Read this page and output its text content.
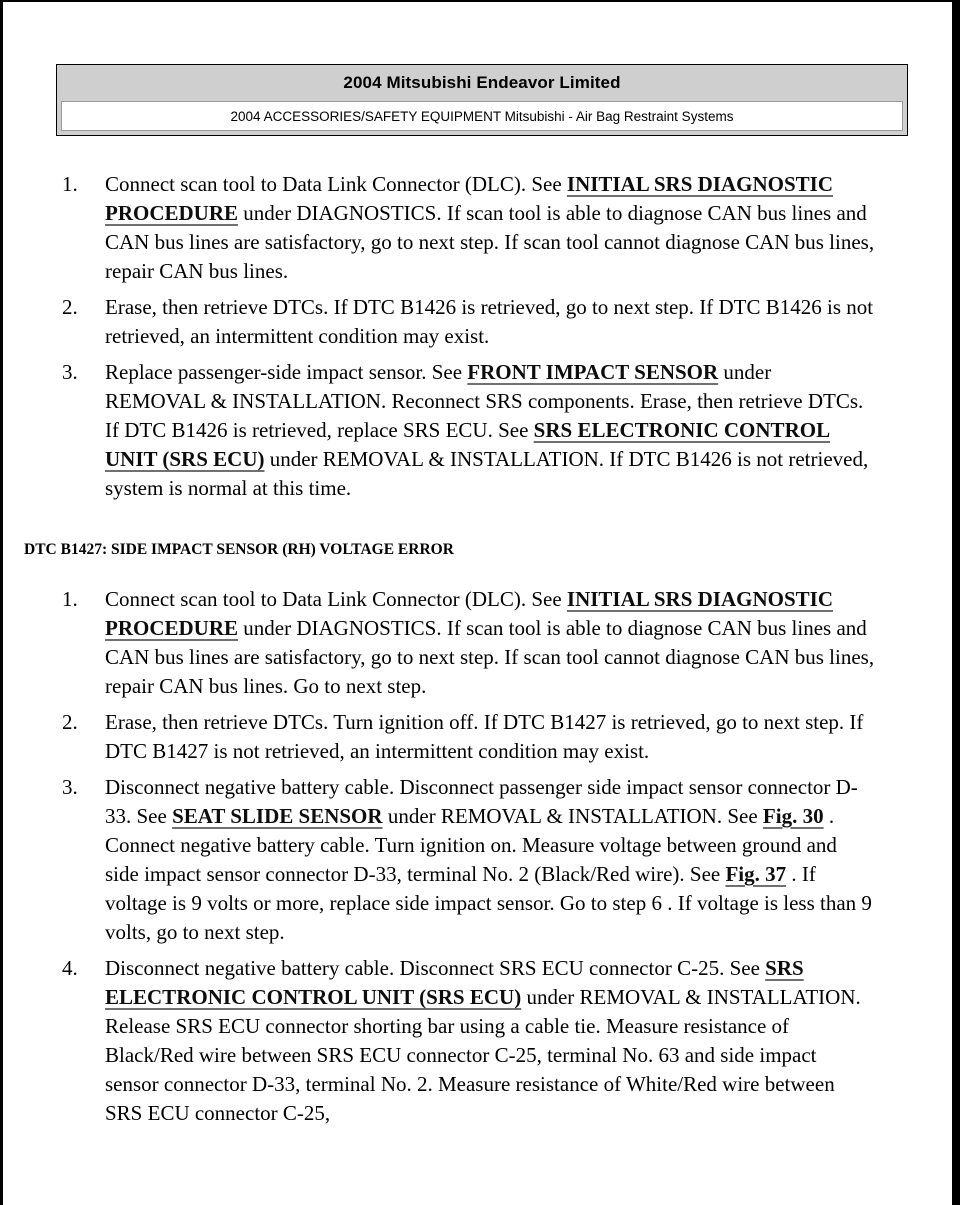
2004 Mitsubishi Endeavor Limited
2004 ACCESSORIES/SAFETY EQUIPMENT Mitsubishi - Air Bag Restraint Systems
1.	Connect scan tool to Data Link Connector (DLC). See INITIAL SRS DIAGNOSTIC PROCEDURE under DIAGNOSTICS. If scan tool is able to diagnose CAN bus lines and CAN bus lines are satisfactory, go to next step. If scan tool cannot diagnose CAN bus lines, repair CAN bus lines.
2.	Erase, then retrieve DTCs. If DTC B1426 is retrieved, go to next step. If DTC B1426 is not retrieved, an intermittent condition may exist.
3.	Replace passenger-side impact sensor. See FRONT IMPACT SENSOR under REMOVAL & INSTALLATION. Reconnect SRS components. Erase, then retrieve DTCs. If DTC B1426 is retrieved, replace SRS ECU. See SRS ELECTRONIC CONTROL UNIT (SRS ECU) under REMOVAL & INSTALLATION. If DTC B1426 is not retrieved, system is normal at this time.
DTC B1427: SIDE IMPACT SENSOR (RH) VOLTAGE ERROR
1.	Connect scan tool to Data Link Connector (DLC). See INITIAL SRS DIAGNOSTIC PROCEDURE under DIAGNOSTICS. If scan tool is able to diagnose CAN bus lines and CAN bus lines are satisfactory, go to next step. If scan tool cannot diagnose CAN bus lines, repair CAN bus lines. Go to next step.
2.	Erase, then retrieve DTCs. Turn ignition off. If DTC B1427 is retrieved, go to next step. If DTC B1427 is not retrieved, an intermittent condition may exist.
3.	Disconnect negative battery cable. Disconnect passenger side impact sensor connector D-33. See SEAT SLIDE SENSOR under REMOVAL & INSTALLATION. See Fig. 30 . Connect negative battery cable. Turn ignition on. Measure voltage between ground and side impact sensor connector D-33, terminal No. 2 (Black/Red wire). See Fig. 37 . If voltage is 9 volts or more, replace side impact sensor. Go to step 6 . If voltage is less than 9 volts, go to next step.
4.	Disconnect negative battery cable. Disconnect SRS ECU connector C-25. See SRS ELECTRONIC CONTROL UNIT (SRS ECU) under REMOVAL & INSTALLATION. Release SRS ECU connector shorting bar using a cable tie. Measure resistance of Black/Red wire between SRS ECU connector C-25, terminal No. 63 and side impact sensor connector D-33, terminal No. 2. Measure resistance of White/Red wire between SRS ECU connector C-25,
